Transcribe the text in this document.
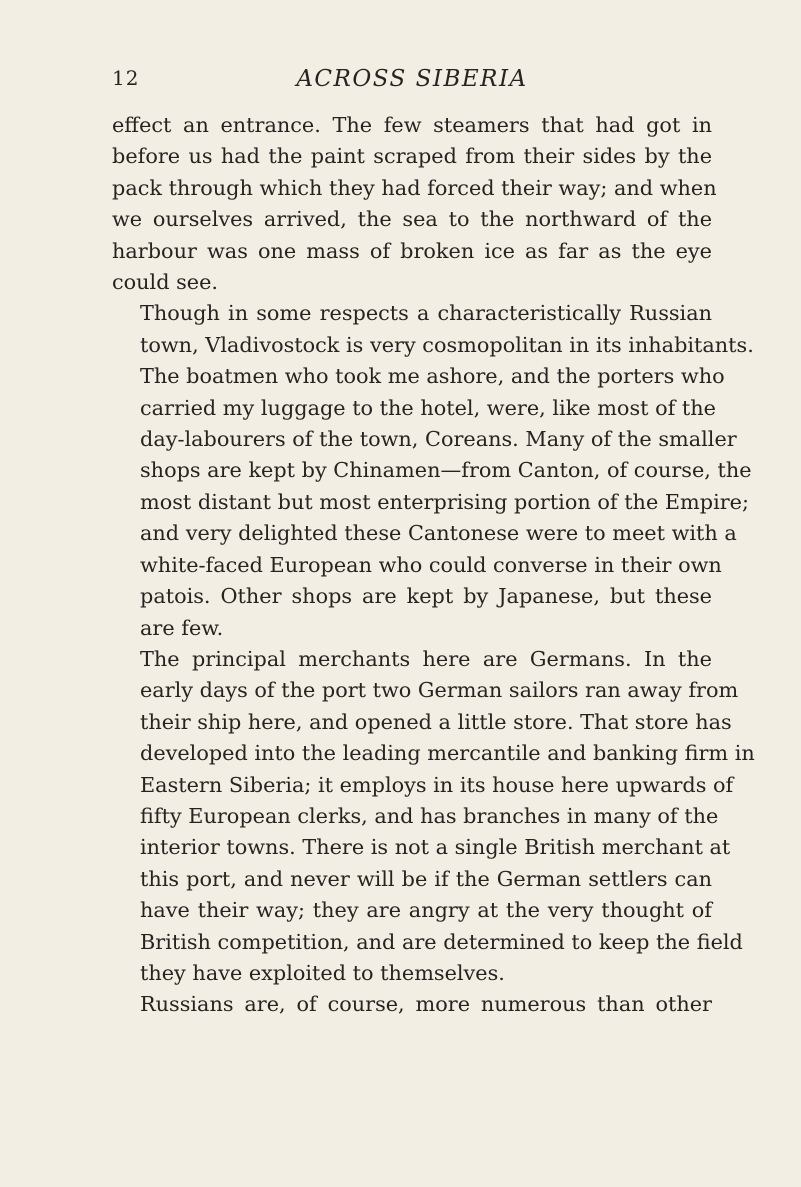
12	ACROSS SIBERIA

effect an entrance. The few steamers that had got in
before us had the paint scraped from their sides by the
pack through which they had forced their way; and when
we ourselves arrived, the sea to the northward of the
harbour was one mass of broken ice as far as the eye
could see.

Though in some respects a characteristically Russian
town, Vladivostock is very cosmopolitan in its inhabitants.
The boatmen who took me ashore, and the porters who
carried my luggage to the hotel, were, like most of the
day-labourers of the town, Coreans. Many of the smaller
shops are kept by Chinamen—from Canton, of course, the
most distant but most enterprising portion of the Empire;
and very delighted these Cantonese were to meet with a
white-faced European who could converse in their own
patois. Other shops are kept by Japanese, but these
are few.

The principal merchants here are Germans. In the
early days of the port two German sailors ran away from
their ship here, and opened a little store. That store has
developed into the leading mercantile and banking firm in
Eastern Siberia; it employs in its house here upwards of
fifty European clerks, and has branches in many of the
interior towns. There is not a single British merchant at
this port, and never will be if the German settlers can
have their way; they are angry at the very thought of
British competition, and are determined to keep the field
they have exploited to themselves.

Russians are, of course, more numerous than other
